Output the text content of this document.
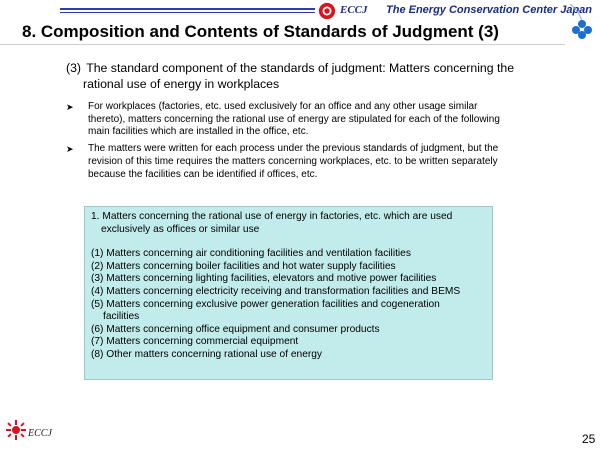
ECCJ The Energy Conservation Center Japan
8. Composition and Contents of Standards of Judgment (3)
(3) The standard component of the standards of judgment: Matters concerning the
rational use of energy in workplaces
➤ For workplaces (factories, etc. used exclusively for an office and any other usage similar
thereto), matters concerning the rational use of energy are stipulated for each of the following
main facilities which are installed in the office, etc.
➤ The matters were written for each process under the previous standards of judgment, but the
revision of this time requires the matters concerning workplaces, etc. to be written separately
because the facilities can be identified if offices, etc.
1. Matters concerning the rational use of energy in factories, etc. which are used
exclusively as offices or similar use
(1) Matters concerning air conditioning facilities and ventilation facilities
(2) Matters concerning boiler facilities and hot water supply facilities
(3) Matters concerning lighting facilities, elevators and motive power facilities
(4) Matters concerning electricity receiving and transformation facilities and BEMS
(5) Matters concerning exclusive power generation facilities and cogeneration
facilities
(6) Matters concerning office equipment and consumer products
(7) Matters concerning commercial equipment
(8) Other matters concerning rational use of energy
ECCJ	25
